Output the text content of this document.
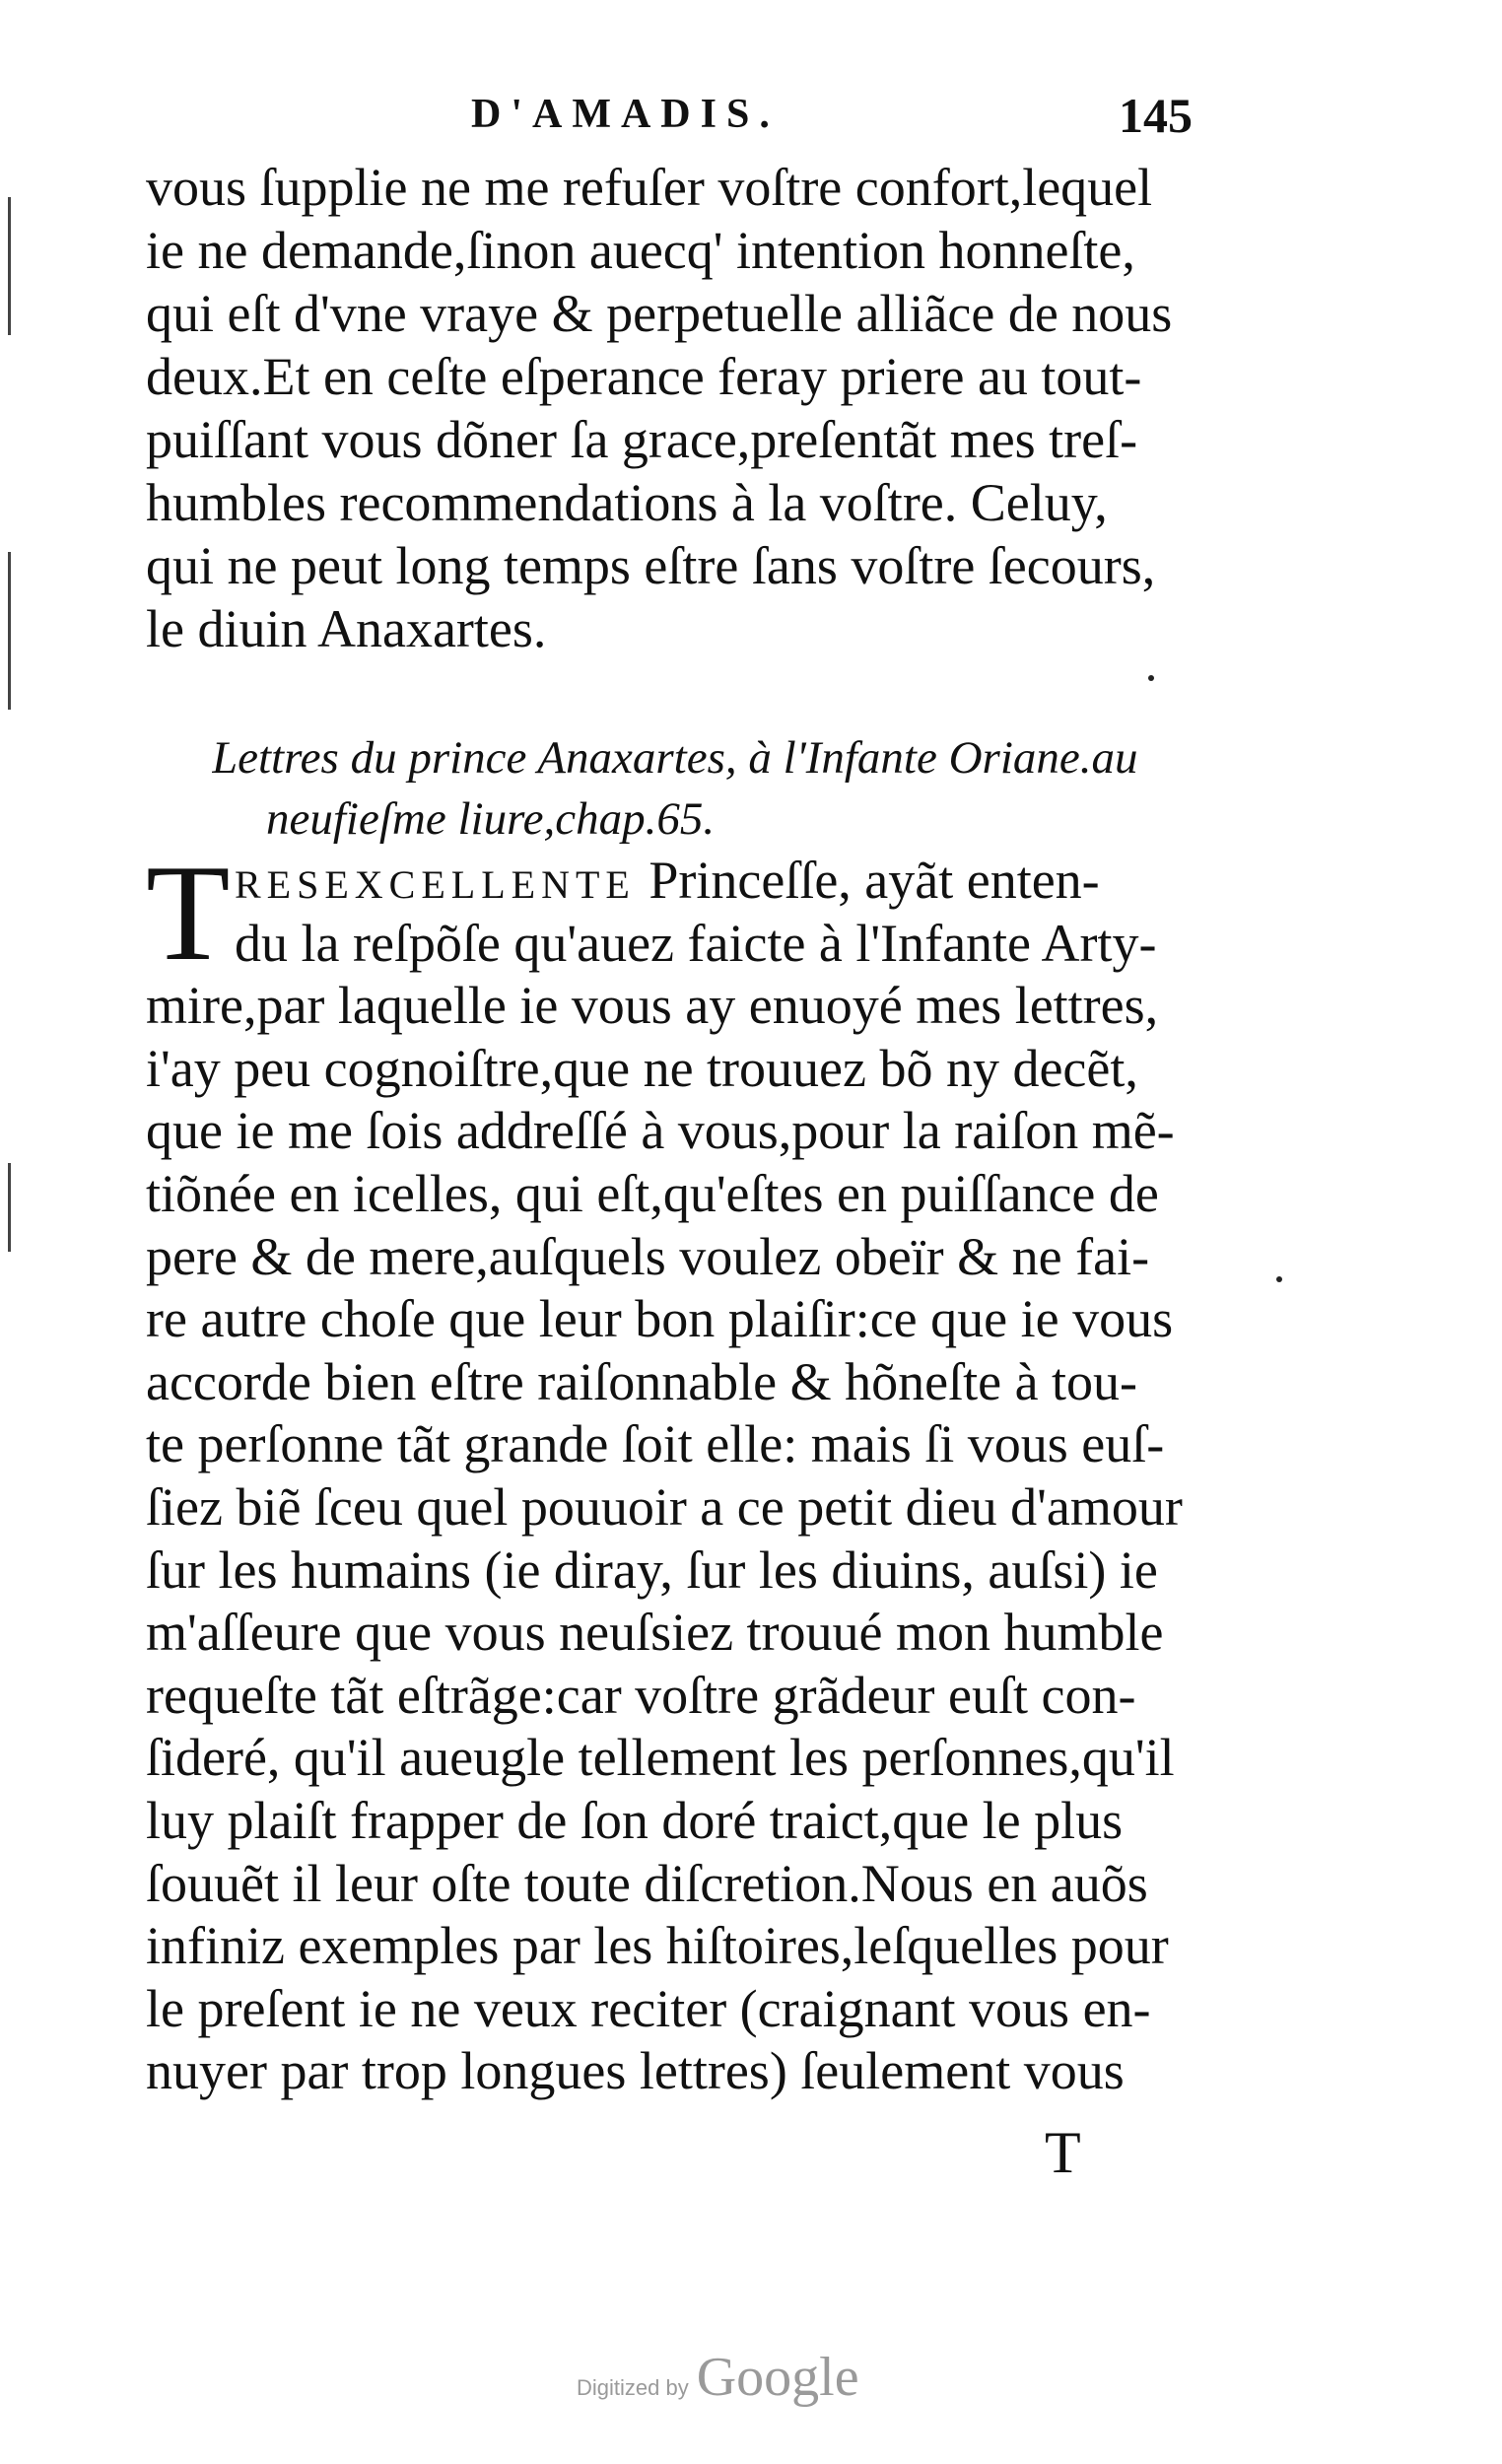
D'AMADIS.	145
vous ſupplie ne me refuſer voſtre confort,lequel
ie ne demande,ſinon auecq' intention honneſte,
qui eſt d'vne vraye & perpetuelle alliãce de nous
deux.Et en ceſte eſperance feray priere au tout-
puiſſant vous dõner ſa grace,preſentãt mes treſ-
humbles recommendations à la voſtre. Celuy,
qui ne peut long temps eſtre ſans voſtre ſecours,
le diuin Anaxartes.
Lettres du prince Anaxartes, à l'Infante Oriane.au
neufieſme liure,chap.65.
T RESEXCELLENTE Princeſſe, ayãt enten-
du la reſpõſe qu'auez faicte à l'Infante Arty-
mire,par laquelle ie vous ay enuoyé mes lettres,
i'ay peu cognoiſtre,que ne trouuez bõ ny decẽt,
que ie me ſois addreſſé à vous,pour la raiſon mẽ-
tiõnée en icelles, qui eſt,qu'eſtes en puiſſance de
pere & de mere,auſquels voulez obeïr & ne fai-
re autre choſe que leur bon plaiſir:ce que ie vous
accorde bien eſtre raiſonnable & hõneſte à tou-
te perſonne tãt grande ſoit elle: mais ſi vous euſ-
ſiez biẽ ſceu quel pouuoir a ce petit dieu d'amour
ſur les humains (ie diray, ſur les diuins, auſsi) ie
m'aſſeure que vous neuſsiez trouué mon humble
requeſte tãt eſtrãge:car voſtre grãdeur euſt con-
ſideré, qu'il aueugle tellement les perſonnes,qu'il
luy plaiſt frapper de ſon doré traict,que le plus
ſouuẽt il leur oſte toute diſcretion.Nous en auõs
infiniz exemples par les hiſtoires,leſquelles pour
le preſent ie ne veux reciter (craignant vous en-
nuyer par trop longues lettres) ſeulement vous
T
Digitized by Google
